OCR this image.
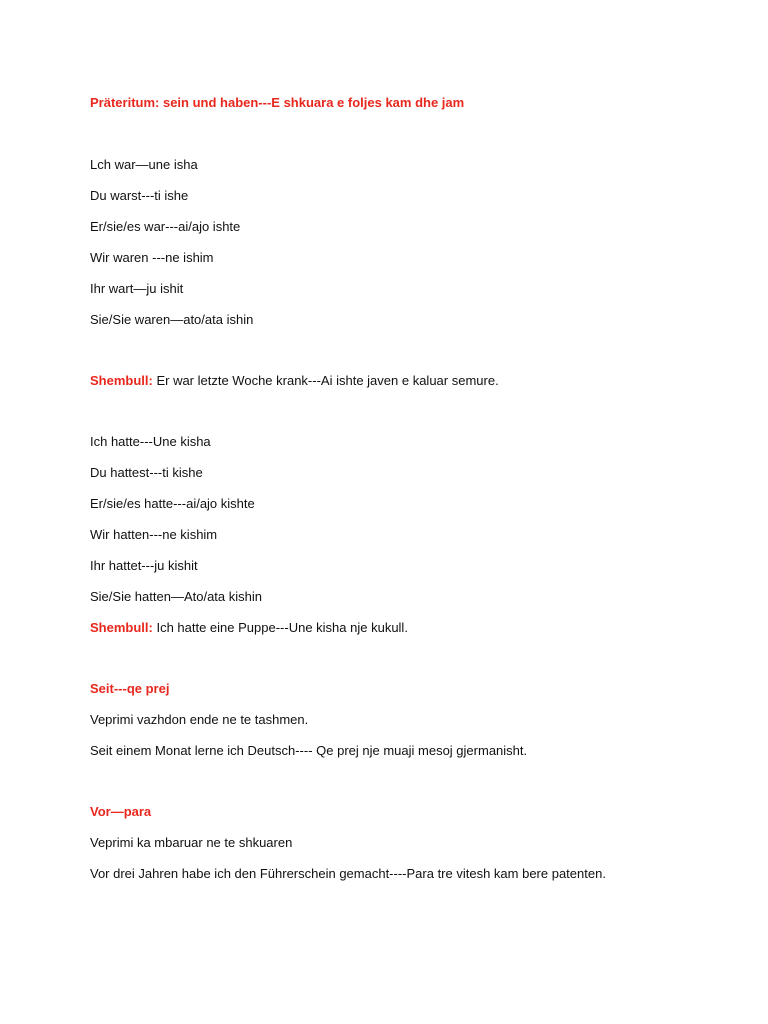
Präteritum: sein und haben---E shkuara e foljes kam dhe jam
Lch war—une isha
Du warst---ti ishe
Er/sie/es war---ai/ajo ishte
Wir waren ---ne ishim
Ihr wart—ju ishit
Sie/Sie waren—ato/ata ishin
Shembull: Er war letzte Woche krank---Ai ishte javen e kaluar semure.
Ich hatte---Une kisha
Du hattest---ti kishe
Er/sie/es hatte---ai/ajo kishte
Wir hatten---ne kishim
Ihr hattet---ju kishit
Sie/Sie hatten—Ato/ata kishin
Shembull: Ich hatte eine Puppe---Une kisha nje kukull.
Seit---qe prej
Veprimi vazhdon ende ne te tashmen.
Seit einem Monat lerne ich Deutsch---- Qe prej nje muaji mesoj gjermanisht.
Vor—para
Veprimi ka mbaruar ne te shkuaren
Vor drei Jahren habe ich den Führerschein gemacht----Para tre vitesh kam bere patenten.
